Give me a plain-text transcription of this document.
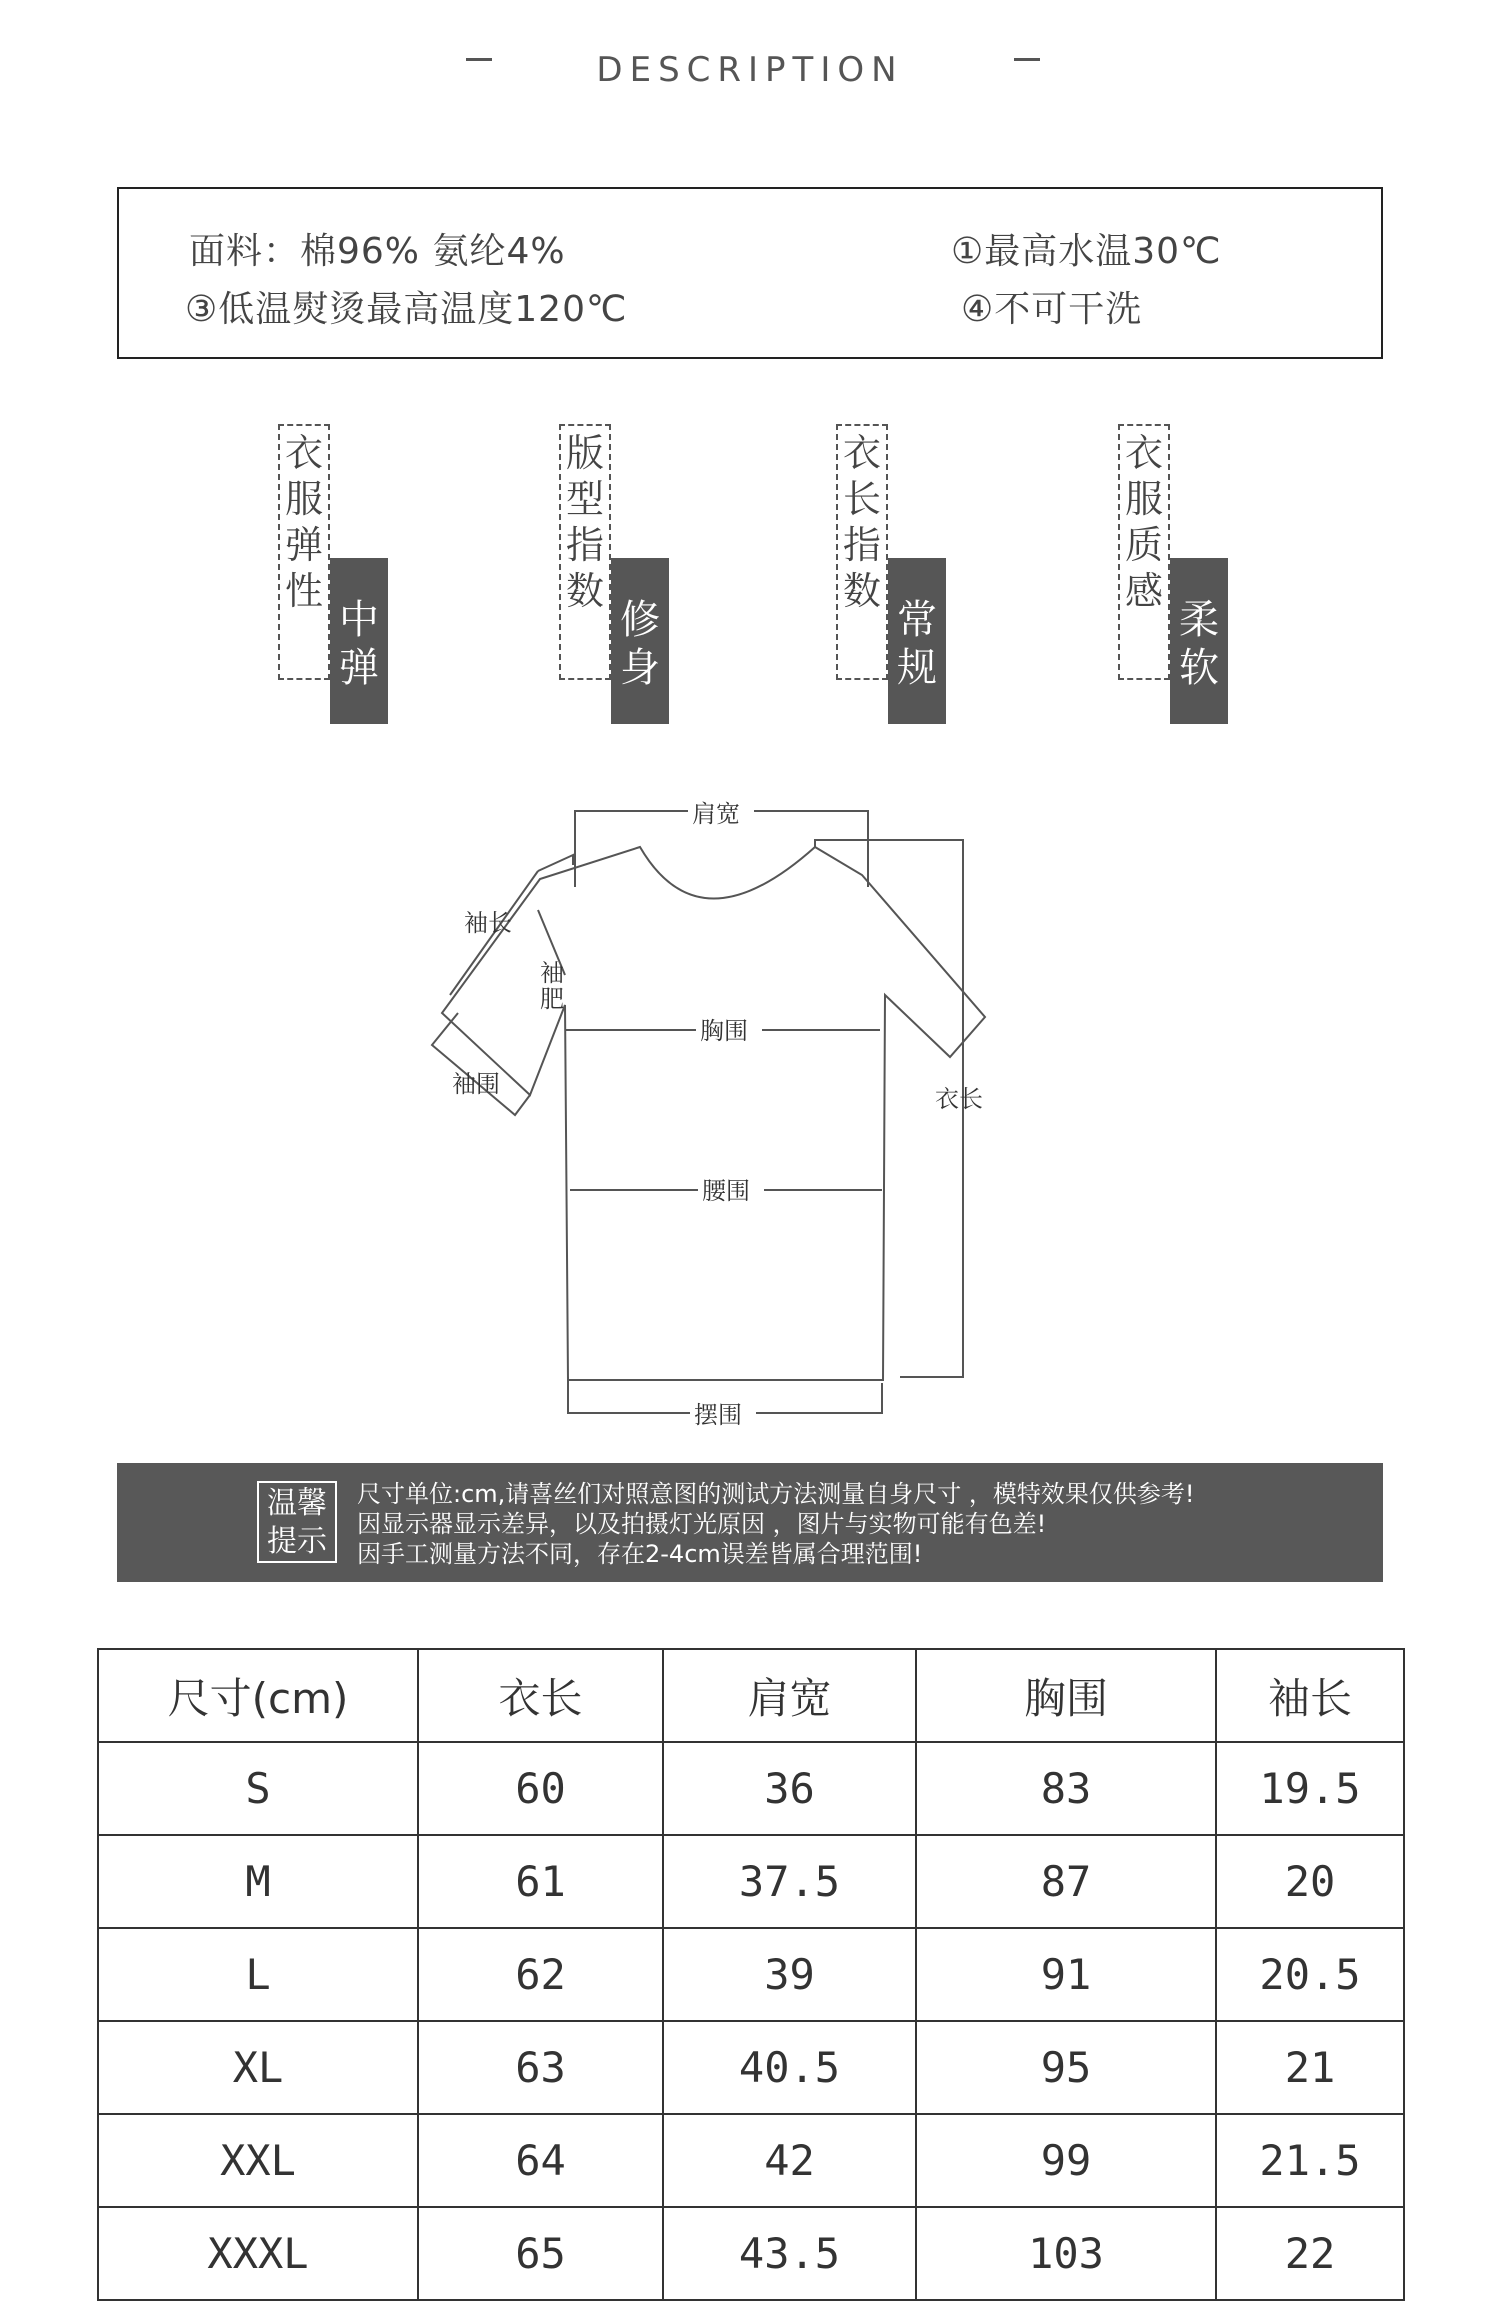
DESCRIPTION
面料：棉96% 氨纶4%	①最高水温30℃
③低温熨烫最高温度120℃	④不可干洗
衣
服
弹
性
中
弹
版
型
指
数
修
身
衣
长
指
数
常
规
衣
服
质
感
柔
软
肩宽
胸围
腰围
摆围
袖长
袖
肥
袖围
衣长
温馨
提示
尺寸单位:cm,请喜丝们对照意图的测试方法测量自身尺寸 ，模特效果仅供参考!
因显示器显示差异，以及拍摄灯光原因 ，图片与实物可能有色差!
因手工测量方法不同，存在2-4cm误差皆属合理范围!
尺寸(cm)	衣长	肩宽	胸围	袖长
S	60	36	83	19.5
M	61	37.5	87	20
L	62	39	91	20.5
XL	63	40.5	95	21
XXL	64	42	99	21.5
XXXL	65	43.5	103	22
